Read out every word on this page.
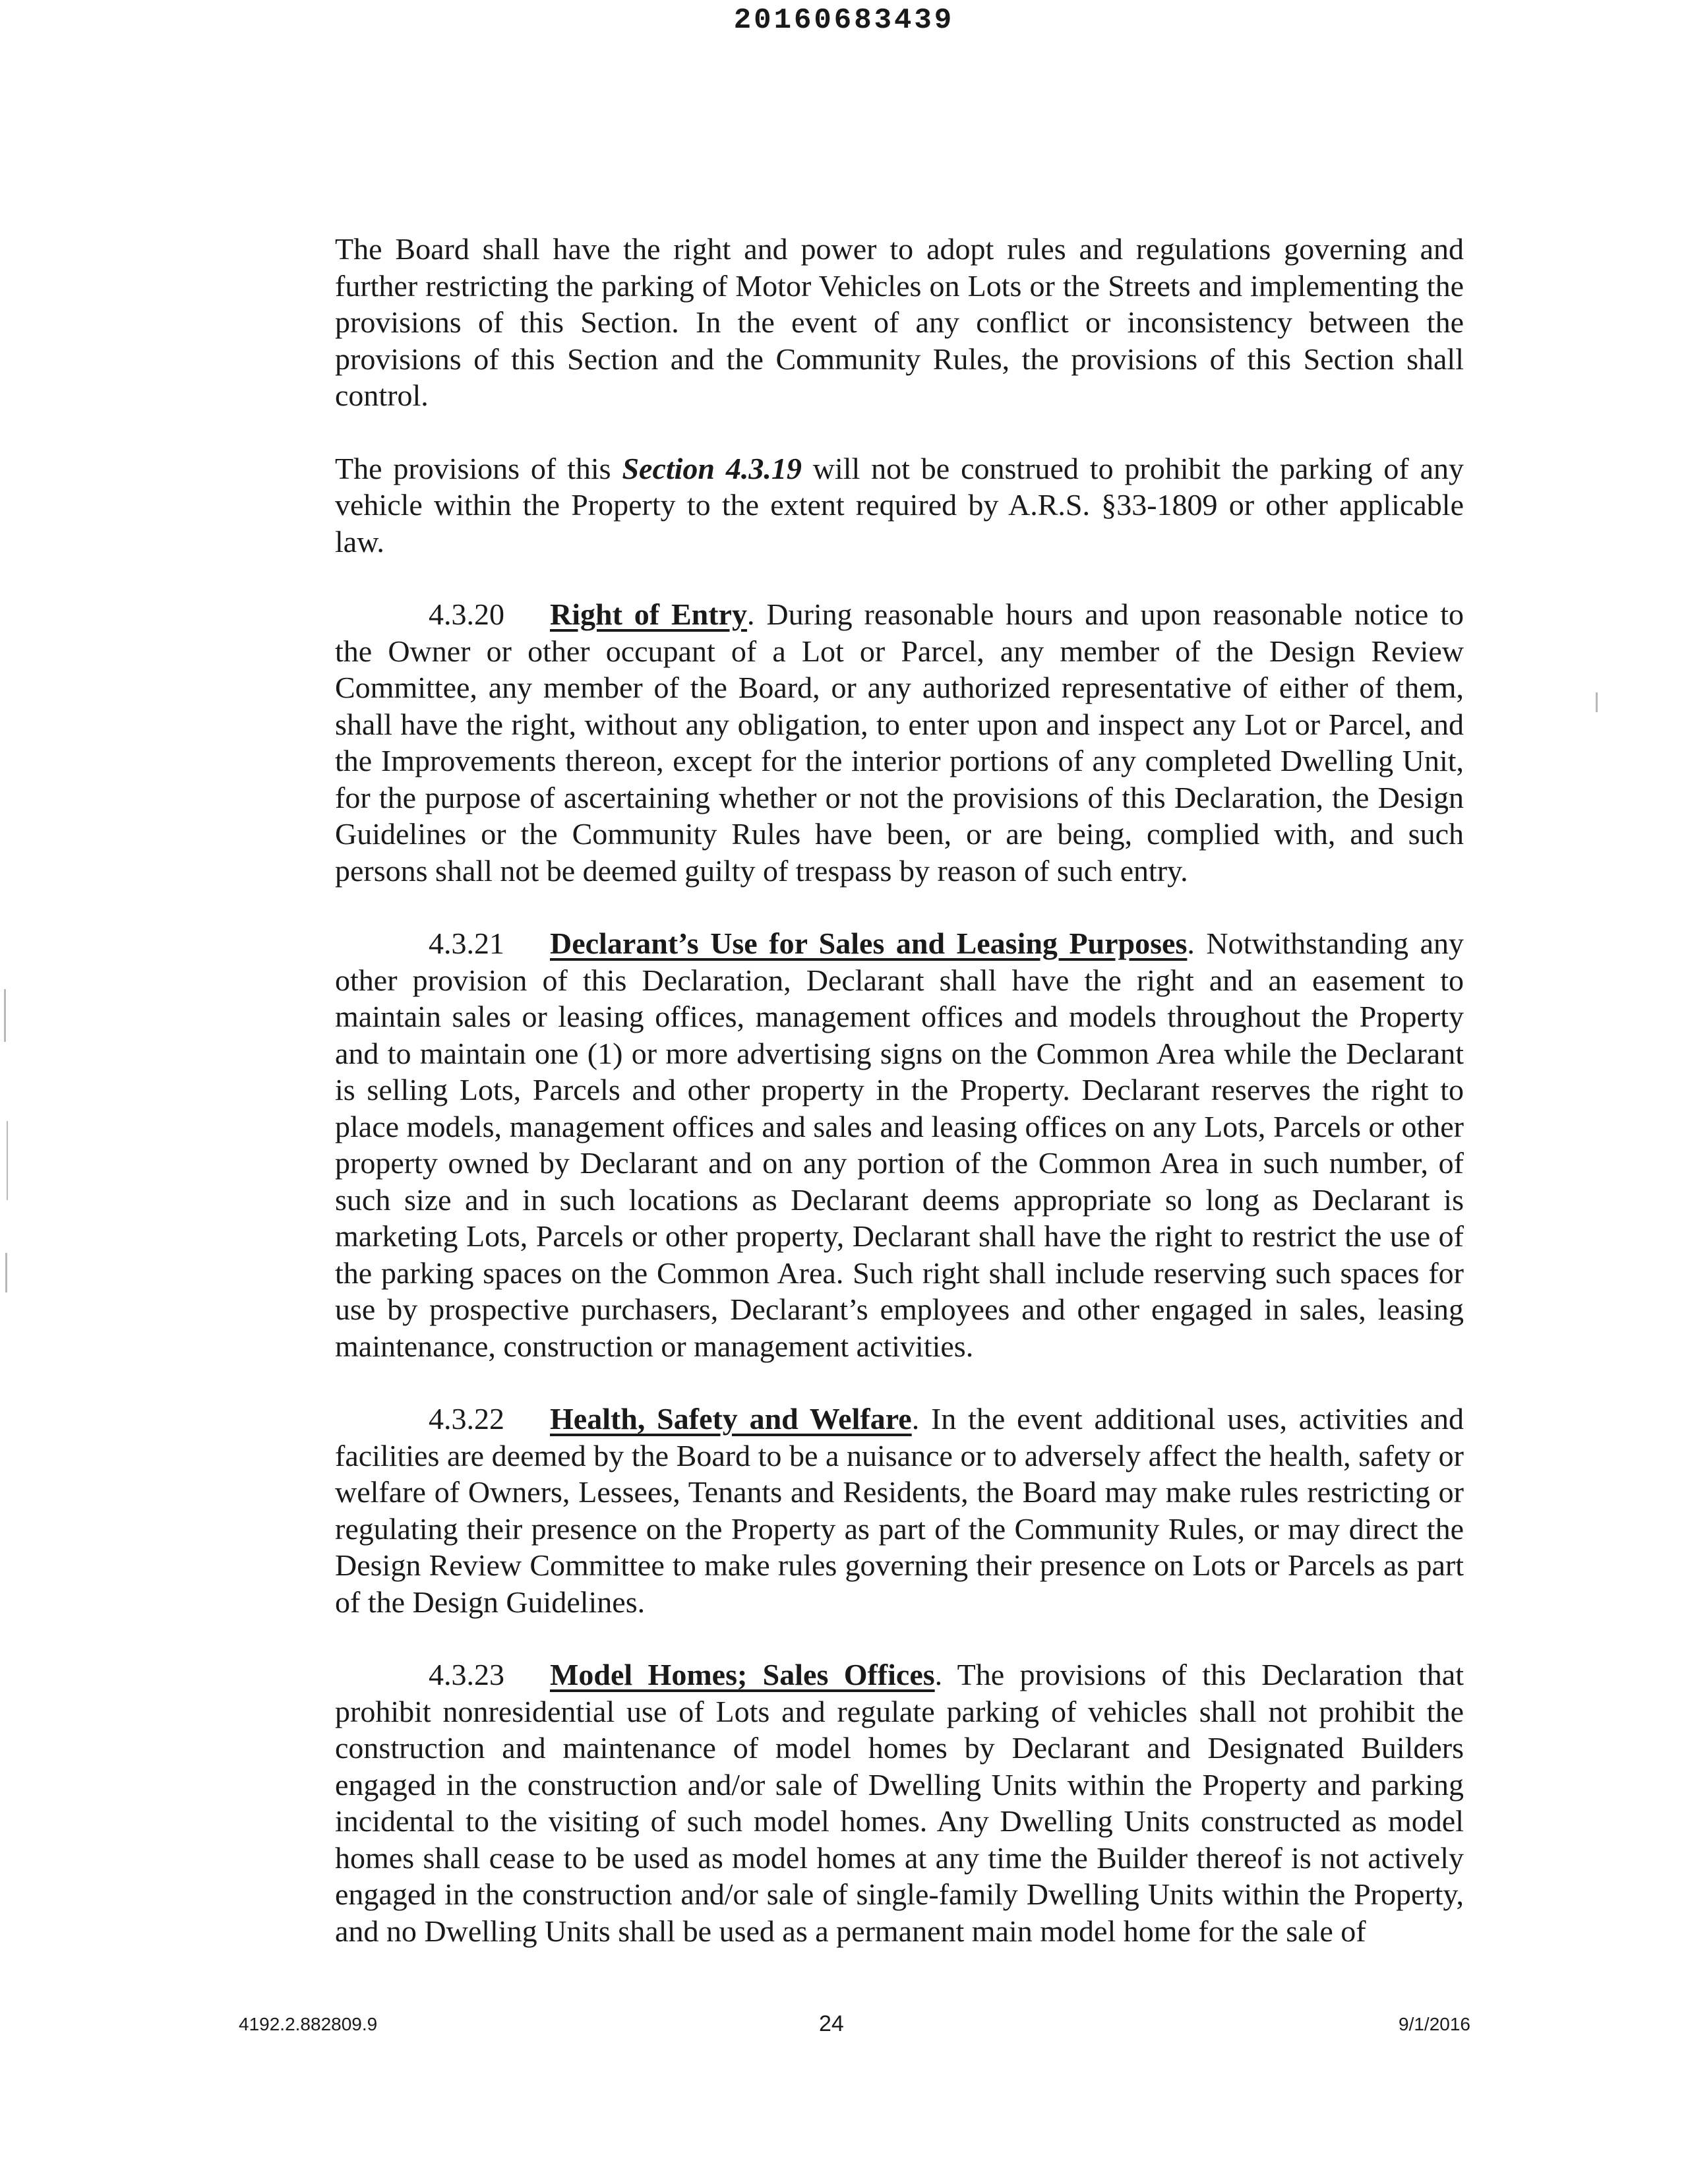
20160683439

The Board shall have the right and power to adopt rules and regulations governing and further restricting the parking of Motor Vehicles on Lots or the Streets and implementing the provisions of this Section. In the event of any conflict or inconsistency between the provisions of this Section and the Community Rules, the provisions of this Section shall control.

The provisions of this Section 4.3.19 will not be construed to prohibit the parking of any vehicle within the Property to the extent required by A.R.S. §33-1809 or other applicable law.

4.3.20 Right of Entry. During reasonable hours and upon reasonable notice to the Owner or other occupant of a Lot or Parcel, any member of the Design Review Committee, any member of the Board, or any authorized representative of either of them, shall have the right, without any obligation, to enter upon and inspect any Lot or Parcel, and the Improvements thereon, except for the interior portions of any completed Dwelling Unit, for the purpose of ascertaining whether or not the provisions of this Declaration, the Design Guidelines or the Community Rules have been, or are being, complied with, and such persons shall not be deemed guilty of trespass by reason of such entry.

4.3.21 Declarant’s Use for Sales and Leasing Purposes. Notwithstanding any other provision of this Declaration, Declarant shall have the right and an easement to maintain sales or leasing offices, management offices and models throughout the Property and to maintain one (1) or more advertising signs on the Common Area while the Declarant is selling Lots, Parcels and other property in the Property. Declarant reserves the right to place models, management offices and sales and leasing offices on any Lots, Parcels or other property owned by Declarant and on any portion of the Common Area in such number, of such size and in such locations as Declarant deems appropriate so long as Declarant is marketing Lots, Parcels or other property, Declarant shall have the right to restrict the use of the parking spaces on the Common Area. Such right shall include reserving such spaces for use by prospective purchasers, Declarant’s employees and other engaged in sales, leasing maintenance, construction or management activities.

4.3.22 Health, Safety and Welfare. In the event additional uses, activities and facilities are deemed by the Board to be a nuisance or to adversely affect the health, safety or welfare of Owners, Lessees, Tenants and Residents, the Board may make rules restricting or regulating their presence on the Property as part of the Community Rules, or may direct the Design Review Committee to make rules governing their presence on Lots or Parcels as part of the Design Guidelines.

4.3.23 Model Homes; Sales Offices. The provisions of this Declaration that prohibit nonresidential use of Lots and regulate parking of vehicles shall not prohibit the construction and maintenance of model homes by Declarant and Designated Builders engaged in the construction and/or sale of Dwelling Units within the Property and parking incidental to the visiting of such model homes. Any Dwelling Units constructed as model homes shall cease to be used as model homes at any time the Builder thereof is not actively engaged in the construction and/or sale of single-family Dwelling Units within the Property, and no Dwelling Units shall be used as a permanent main model home for the sale of

4192.2.882809.9	24	9/1/2016
